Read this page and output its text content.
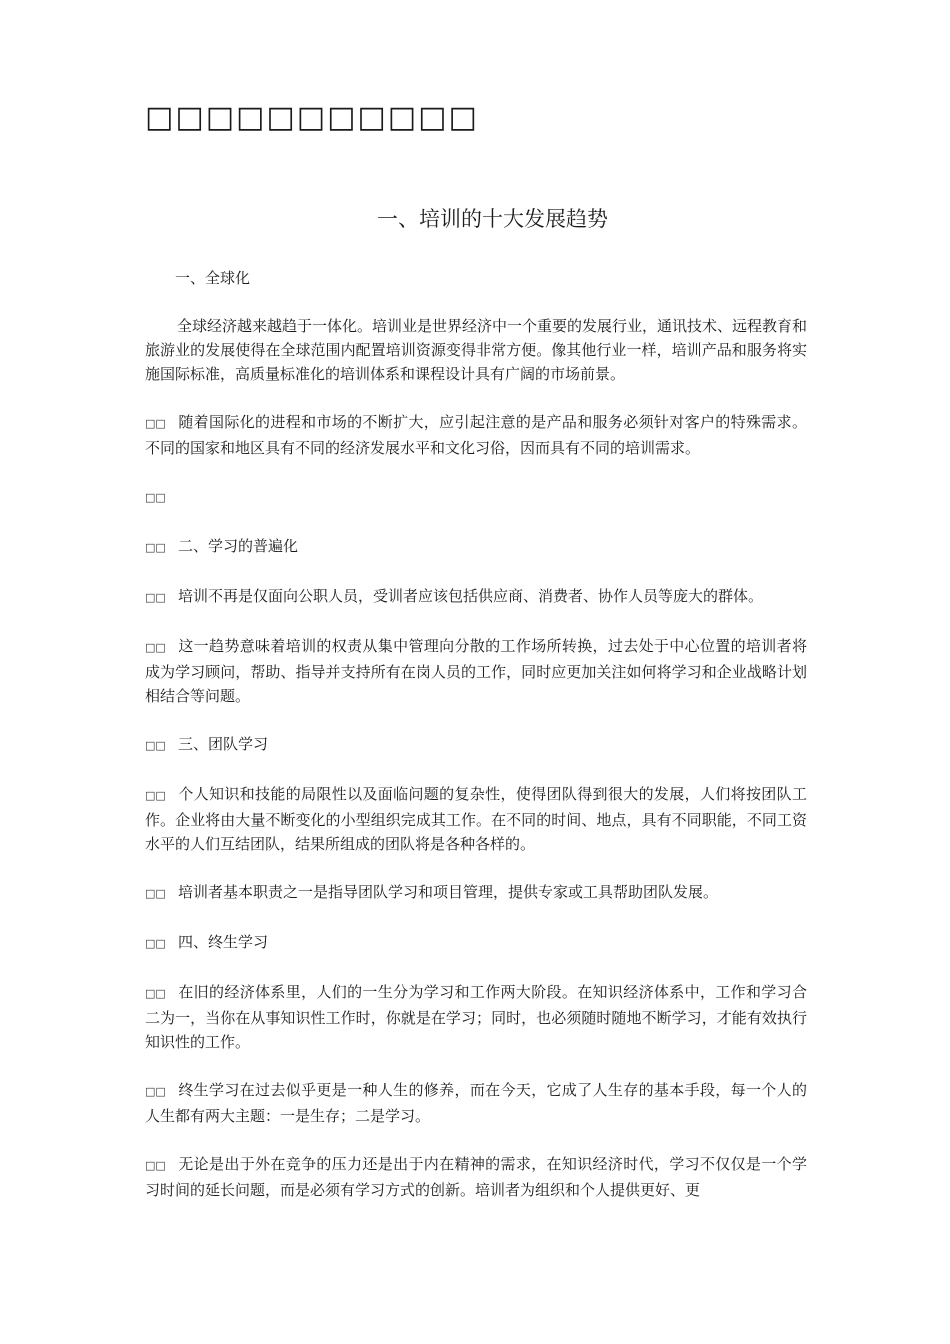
□□□□□□□□□□□
一、培训的十大发展趋势

一、全球化

全球经济越来越趋于一体化。培训业是世界经济中一个重要的发展行业，通讯技术、远程教育和旅游业的发展使得在全球范围内配置培训资源变得非常方便。像其他行业一样，培训产品和服务将实施国际标准，高质量标准化的培训体系和课程设计具有广阔的市场前景。

□□ 随着国际化的进程和市场的不断扩大，应引起注意的是产品和服务必须针对客户的特殊需求。不同的国家和地区具有不同的经济发展水平和文化习俗，因而具有不同的培训需求。

□□

□□ 二、学习的普遍化

□□ 培训不再是仅面向公职人员，受训者应该包括供应商、消费者、协作人员等庞大的群体。

□□ 这一趋势意味着培训的权责从集中管理向分散的工作场所转换，过去处于中心位置的培训者将成为学习顾问，帮助、指导并支持所有在岗人员的工作，同时应更加关注如何将学习和企业战略计划相结合等问题。

□□ 三、团队学习

□□ 个人知识和技能的局限性以及面临问题的复杂性，使得团队得到很大的发展，人们将按团队工作。企业将由大量不断变化的小型组织完成其工作。在不同的时间、地点，具有不同职能，不同工资水平的人们互结团队，结果所组成的团队将是各种各样的。

□□ 培训者基本职责之一是指导团队学习和项目管理，提供专家或工具帮助团队发展。

□□ 四、终生学习

□□ 在旧的经济体系里，人们的一生分为学习和工作两大阶段。在知识经济体系中，工作和学习合二为一，当你在从事知识性工作时，你就是在学习；同时，也必须随时随地不断学习，才能有效执行知识性的工作。

□□ 终生学习在过去似乎更是一种人生的修养，而在今天，它成了人生存的基本手段，每一个人的人生都有两大主题：一是生存；二是学习。

□□ 无论是出于外在竞争的压力还是出于内在精神的需求，在知识经济时代，学习不仅仅是一个学习时间的延长问题，而是必须有学习方式的创新。培训者为组织和个人提供更好、更
